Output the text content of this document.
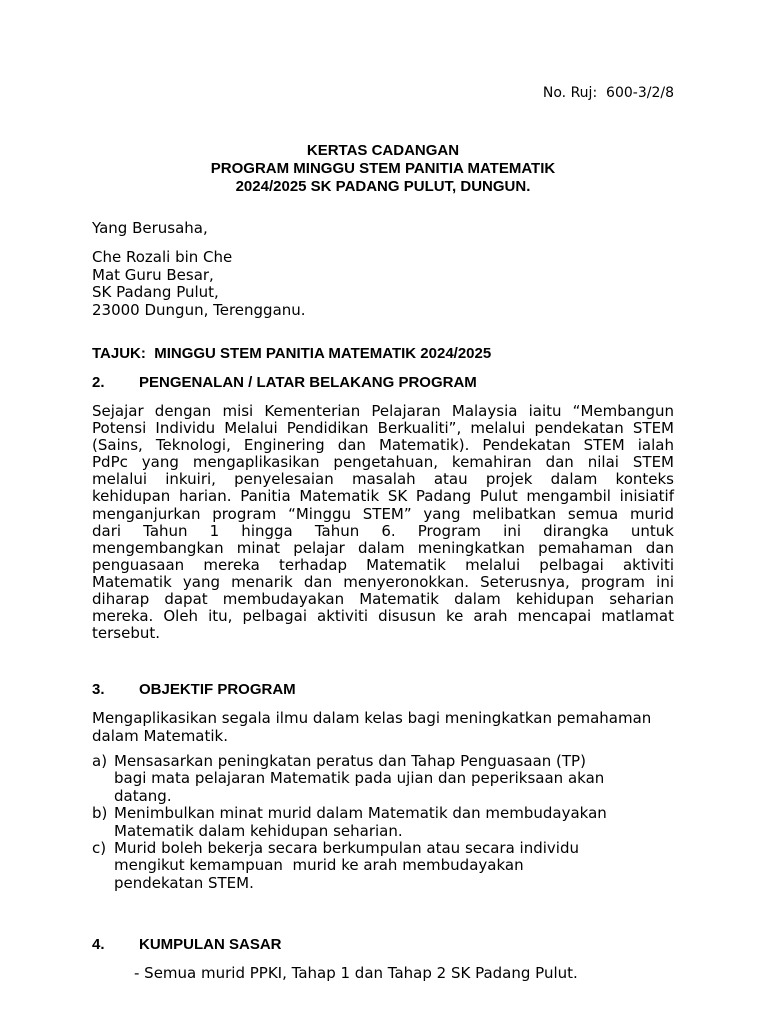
No. Ruj:  600-3/2/8
KERTAS CADANGAN
PROGRAM MINGGU STEM PANITIA MATEMATIK
2024/2025 SK PADANG PULUT, DUNGUN.
Yang Berusaha,
Che Rozali bin Che
Mat Guru Besar,
SK Padang Pulut,
23000 Dungun, Terengganu.
TAJUK:  MINGGU STEM PANITIA MATEMATIK 2024/2025
2. PENGENALAN / LATAR BELAKANG PROGRAM
Sejajar dengan misi Kementerian Pelajaran Malaysia iaitu “Membangun
Potensi Individu Melalui Pendidikan Berkualiti”, melalui pendekatan STEM
(Sains, Teknologi, Enginering dan Matematik). Pendekatan STEM ialah
PdPc yang mengaplikasikan pengetahuan, kemahiran dan nilai STEM
melalui inkuiri, penyelesaian masalah atau projek dalam konteks
kehidupan harian. Panitia Matematik SK Padang Pulut mengambil inisiatif
menganjurkan program “Minggu STEM” yang melibatkan semua murid
dari Tahun 1 hingga Tahun 6. Program ini dirangka untuk
mengembangkan minat pelajar dalam meningkatkan pemahaman dan
penguasaan mereka terhadap Matematik melalui pelbagai aktiviti
Matematik yang menarik dan menyeronokkan. Seterusnya, program ini
diharap dapat membudayakan Matematik dalam kehidupan seharian
mereka. Oleh itu, pelbagai aktiviti disusun ke arah mencapai matlamat
tersebut.
3. OBJEKTIF PROGRAM
Mengaplikasikan segala ilmu dalam kelas bagi meningkatkan pemahaman
dalam Matematik.
a) Mensasarkan peningkatan peratus dan Tahap Penguasaan (TP)
bagi mata pelajaran Matematik pada ujian dan peperiksaan akan
datang.
b) Menimbulkan minat murid dalam Matematik dan membudayakan
Matematik dalam kehidupan seharian.
c) Murid boleh bekerja secara berkumpulan atau secara individu
mengikut kemampuan  murid ke arah membudayakan
pendekatan STEM.
4. KUMPULAN SASAR
- Semua murid PPKI, Tahap 1 dan Tahap 2 SK Padang Pulut.
